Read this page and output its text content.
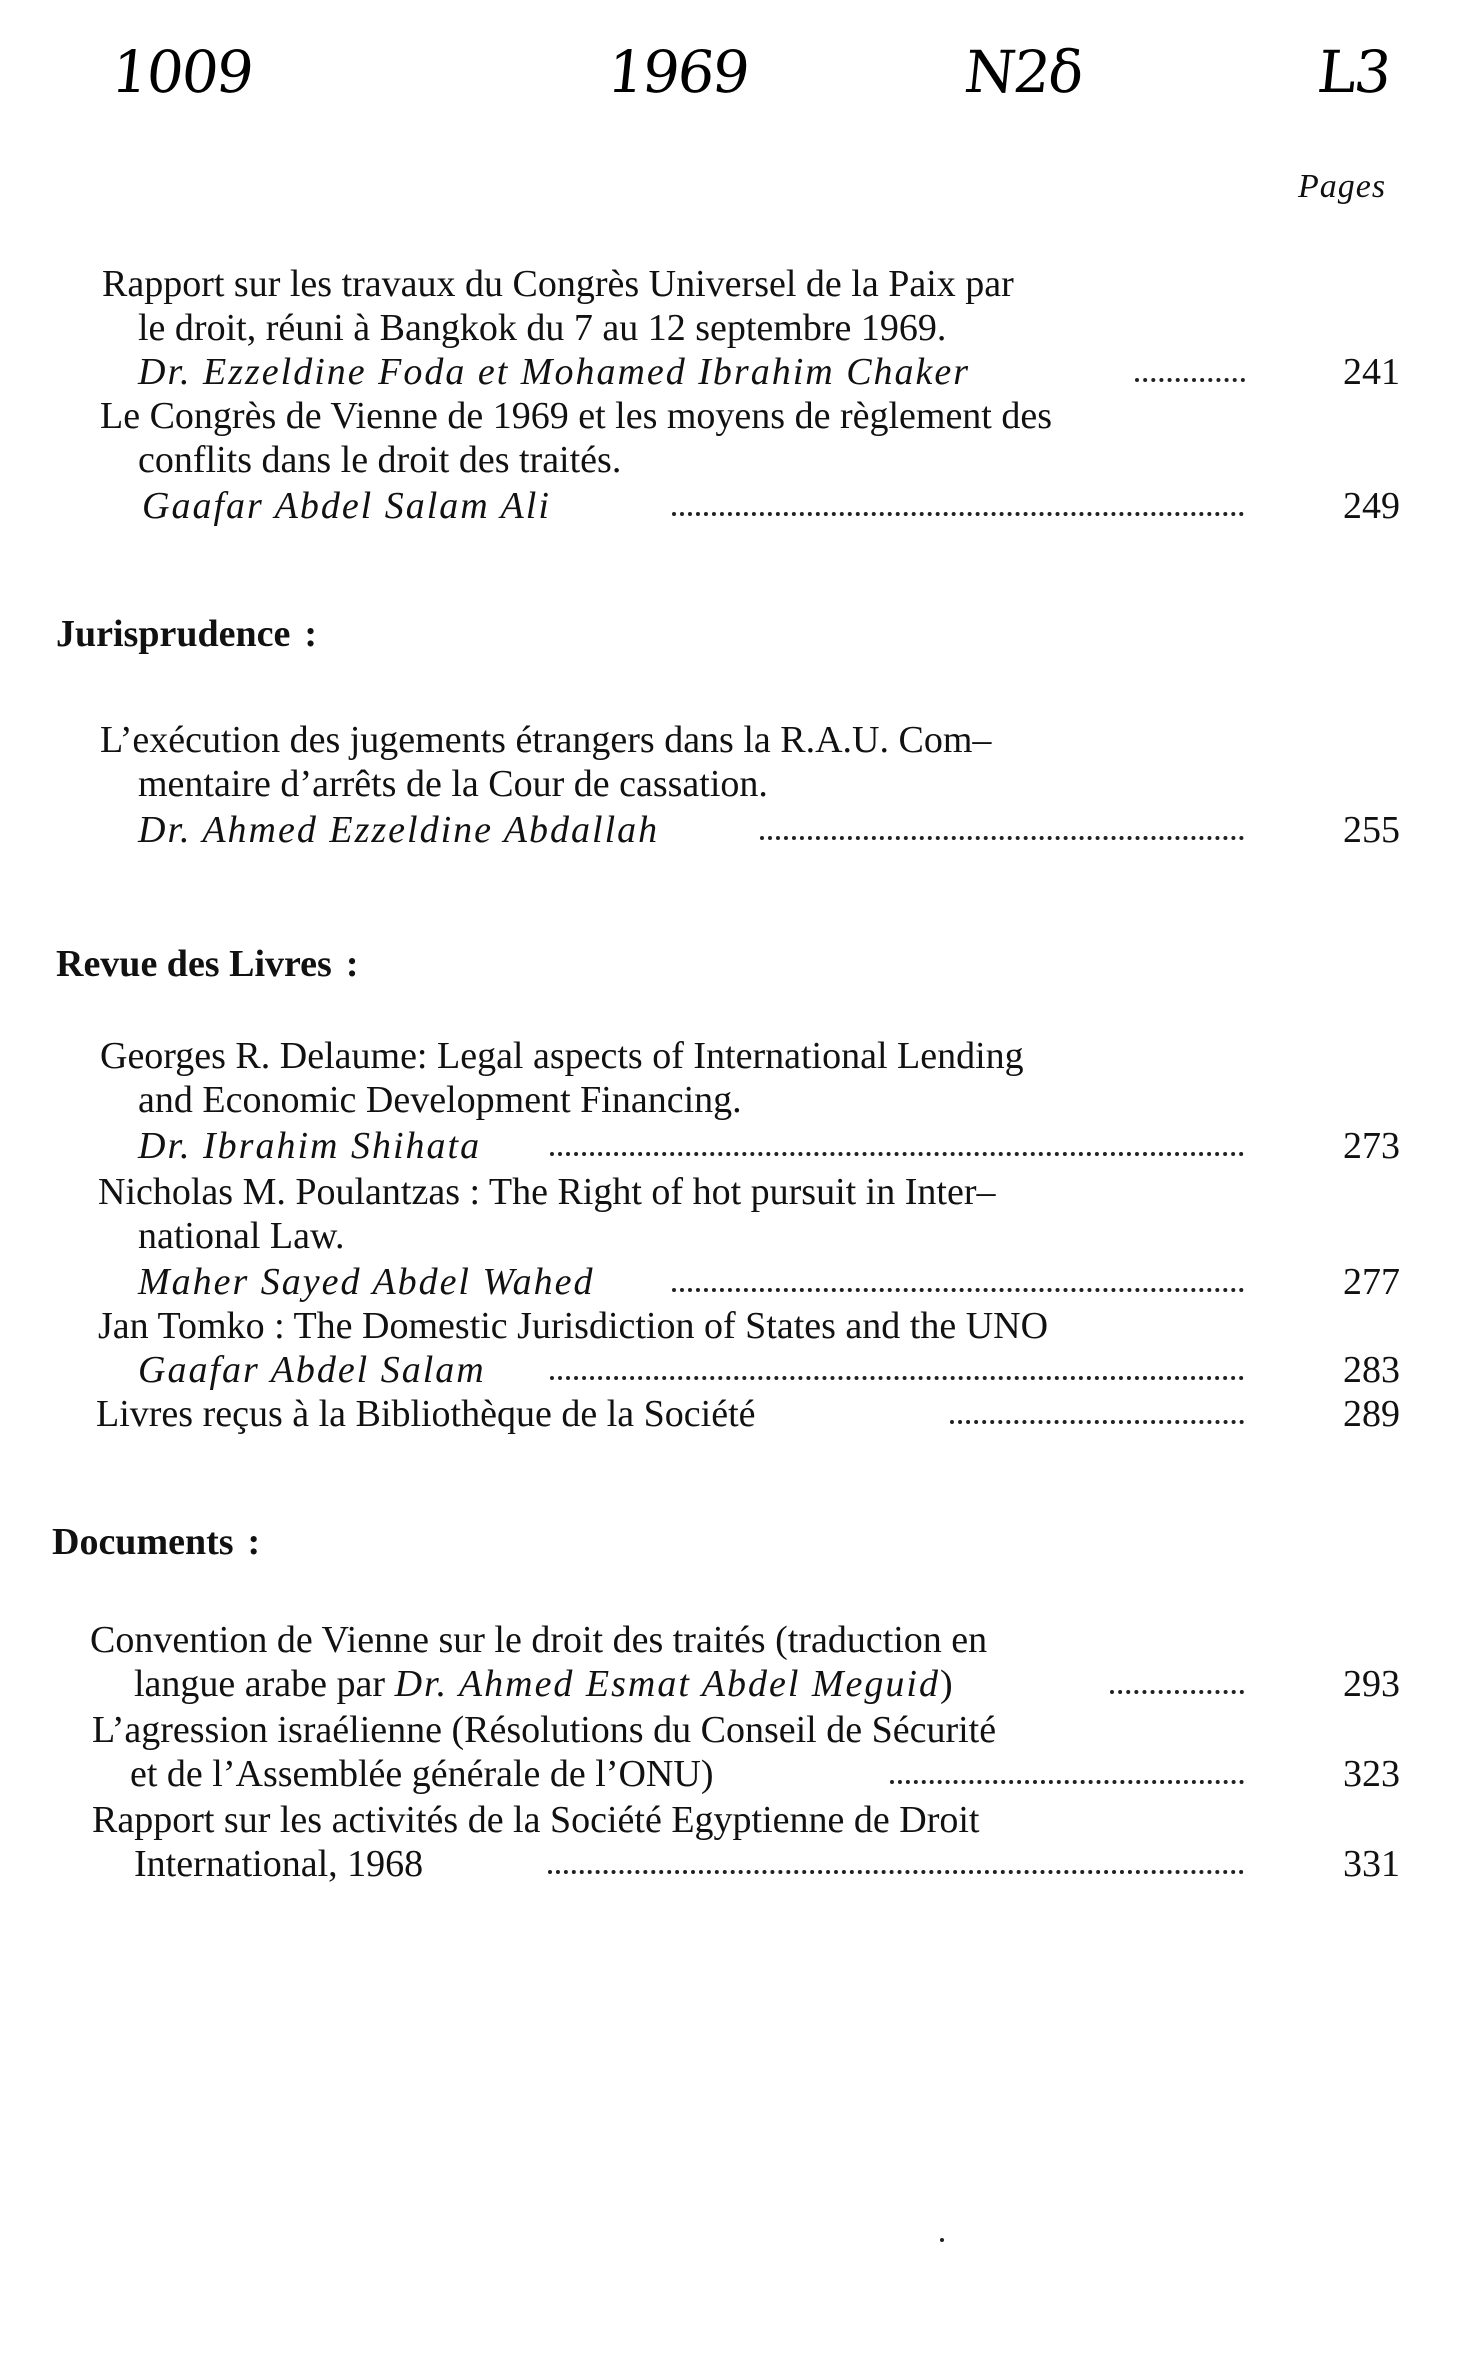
1009	1969	N2δ	L3
Pages
Rapport sur les travaux du Congrès Universel de la Paix par
le droit, réuni à Bangkok du 7 au 12 septembre 1969.
Dr. Ezzeldine Foda et Mohamed Ibrahim Chaker	241
Le Congrès de Vienne de 1969 et les moyens de règlement des
conflits dans le droit des traités.
Gaafar Abdel Salam Ali	249
Jurisprudence :
L’exécution des jugements étrangers dans la R.A.U. Com–
mentaire d’arrêts de la Cour de cassation.
Dr. Ahmed Ezzeldine Abdallah	255
Revue des Livres :
Georges R. Delaume: Legal aspects of International Lending
and Economic Development Financing.
Dr. Ibrahim Shihata	273
Nicholas M. Poulantzas : The Right of hot pursuit in Inter–
national Law.
Maher Sayed Abdel Wahed	277
Jan Tomko : The Domestic Jurisdiction of States and the UNO
Gaafar Abdel Salam	283
Livres reçus à la Bibliothèque de la Société	289
Documents :
Convention de Vienne sur le droit des traités (traduction en
langue arabe par Dr. Ahmed Esmat Abdel Meguid)	293
L’agression israélienne (Résolutions du Conseil de Sécurité
et de l’Assemblée générale de l’ONU)	323
Rapport sur les activités de la Société Egyptienne de Droit
International, 1968	331
